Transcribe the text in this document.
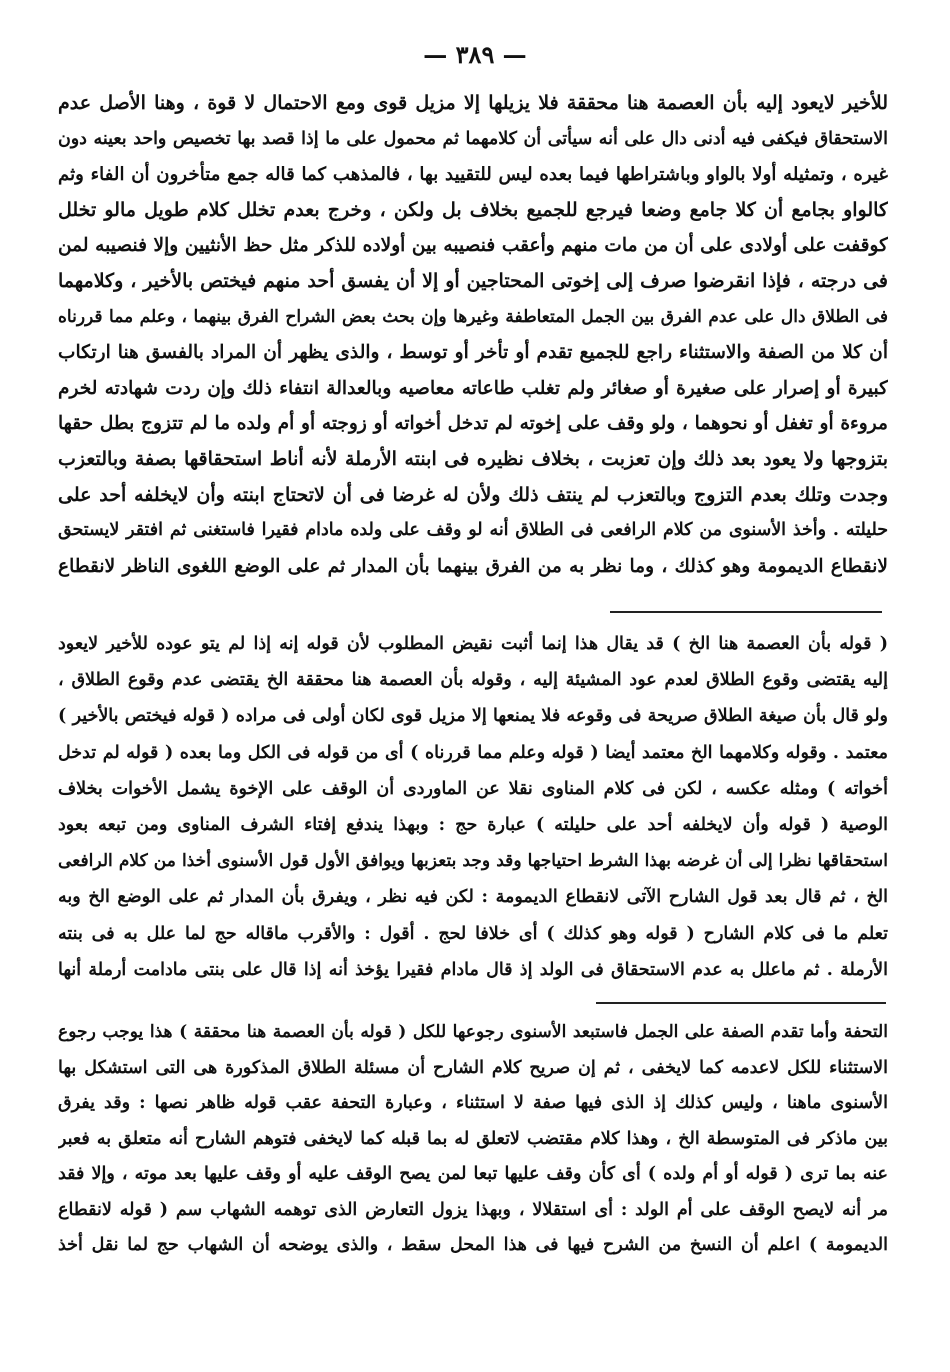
— ٣٨٩ —
للأخير لايعود إليه بأن العصمة هنا محققة فلا يزيلها إلا مزيل قوى ومع الاحتمال لا قوة ، وهنا الأصل عدم
الاستحقاق فيكفى فيه أدنى دال على أنه سيأتى أن كلامهما ثم محمول على ما إذا قصد بها تخصيص واحد بعينه دون
غيره ، وتمثيله أولا بالواو وباشتراطها فيما بعده ليس للتقييد بها ، فالمذهب كما قاله جمع متأخرون أن الفاء وثم
كالواو بجامع أن كلا جامع وضعا فيرجع للجميع بخلاف بل ولكن ، وخرج بعدم تخلل كلام طويل مالو تخلل
كوقفت على أولادى على أن من مات منهم وأعقب فنصيبه بين أولاده للذكر مثل حظ الأنثيين وإلا فنصيبه لمن
فى درجته ، فإذا انقرضوا صرف إلى إخوتى المحتاجين أو إلا أن يفسق أحد منهم فيختص بالأخير ، وكلامهما
فى الطلاق دال على عدم الفرق بين الجمل المتعاطفة وغيرها وإن بحث بعض الشراح الفرق بينهما ، وعلم مما قررناه
أن كلا من الصفة والاستثناء راجع للجميع تقدم أو تأخر أو توسط ، والذى يظهر أن المراد بالفسق هنا ارتكاب
كبيرة أو إصرار على صغيرة أو صغائر ولم تغلب طاعاته معاصيه وبالعدالة انتفاء ذلك وإن ردت شهادته لخرم
مروءة أو تغفل أو نحوهما ، ولو وقف على إخوته لم تدخل أخواته أو زوجته أو أم ولده ما لم تتزوج بطل حقها
بتزوجها ولا يعود بعد ذلك وإن تعزبت ، بخلاف نظيره فى ابنته الأرملة لأنه أناط استحقاقها بصفة وبالتعزب
وجدت وتلك بعدم التزوج وبالتعزب لم ينتف ذلك ولأن له غرضا فى أن لاتحتاج ابنته وأن لايخلفه أحد على
حليلته . وأخذ الأسنوى من كلام الرافعى فى الطلاق أنه لو وقف على ولده مادام فقيرا فاستغنى ثم افتقر لايستحق
لانقطاع الديمومة وهو كذلك ، وما نظر به من الفرق بينهما بأن المدار ثم على الوضع اللغوى الناظر لانقطاع
( قوله بأن العصمة هنا الخ ) قد يقال هذا إنما أثبت نقيض المطلوب لأن قوله إنه إذا لم يتو عوده للأخير لايعود
إليه يقتضى وقوع الطلاق لعدم عود المشيئة إليه ، وقوله بأن العصمة هنا محققة الخ يقتضى عدم وقوع الطلاق ،
ولو قال بأن صيغة الطلاق صريحة فى وقوعه فلا يمنعها إلا مزيل قوى لكان أولى فى مراده ( قوله فيختص بالأخير )
معتمد . وقوله وكلامهما الخ معتمد أيضا ( قوله وعلم مما قررناه ) أى من قوله فى الكل وما بعده ( قوله لم تدخل
أخواته ) ومثله عكسه ، لكن فى كلام المناوى نقلا عن الماوردى أن الوقف على الإخوة يشمل الأخوات بخلاف
الوصية ( قوله وأن لايخلفه أحد على حليلته ) عبارة حج : وبهذا يندفع إفتاء الشرف المناوى ومن تبعه بعود
استحقاقها نظرا إلى أن غرضه بهذا الشرط احتياجها وقد وجد بتعزبها ويوافق الأول قول الأسنوى أخذا من كلام الرافعى
الخ ، ثم قال بعد قول الشارح الآتى لانقطاع الديمومة : لكن فيه نظر ، ويفرق بأن المدار ثم على الوضع الخ وبه
تعلم ما فى كلام الشارح ( قوله وهو كذلك ) أى خلافا لحج . أقول : والأقرب ماقاله حج لما علل به فى بنته
الأرملة . ثم ماعلل به عدم الاستحقاق فى الولد إذ قال مادام فقيرا يؤخذ أنه إذا قال على بنتى مادامت أرملة أنها
التحفة وأما تقدم الصفة على الجمل فاستبعد الأسنوى رجوعها للكل ( قوله بأن العصمة هنا محققة ) هذا يوجب رجوع
الاستثناء للكل لاعدمه كما لايخفى ، ثم إن صريح كلام الشارح أن مسئلة الطلاق المذكورة هى التى استشكل بها
الأسنوى ماهنا ، وليس كذلك إذ الذى فيها صفة لا استثناء ، وعبارة التحفة عقب قوله ظاهر نصها : وقد يفرق
بين ماذكر فى المتوسطة الخ ، وهذا كلام مقتضب لاتعلق له بما قبله كما لايخفى فتوهم الشارح أنه متعلق به فعبر
عنه بما ترى ( قوله أو أم ولده ) أى كأن وقف عليها تبعا لمن يصح الوقف عليه أو وقف عليها بعد موته ، وإلا فقد
مر أنه لايصح الوقف على أم الولد : أى استقلالا ، وبهذا يزول التعارض الذى توهمه الشهاب سم ( قوله لانقطاع
الديمومة ) اعلم أن النسخ من الشرح فيها فى هذا المحل سقط ، والذى يوضحه أن الشهاب حج لما نقل أخذ
